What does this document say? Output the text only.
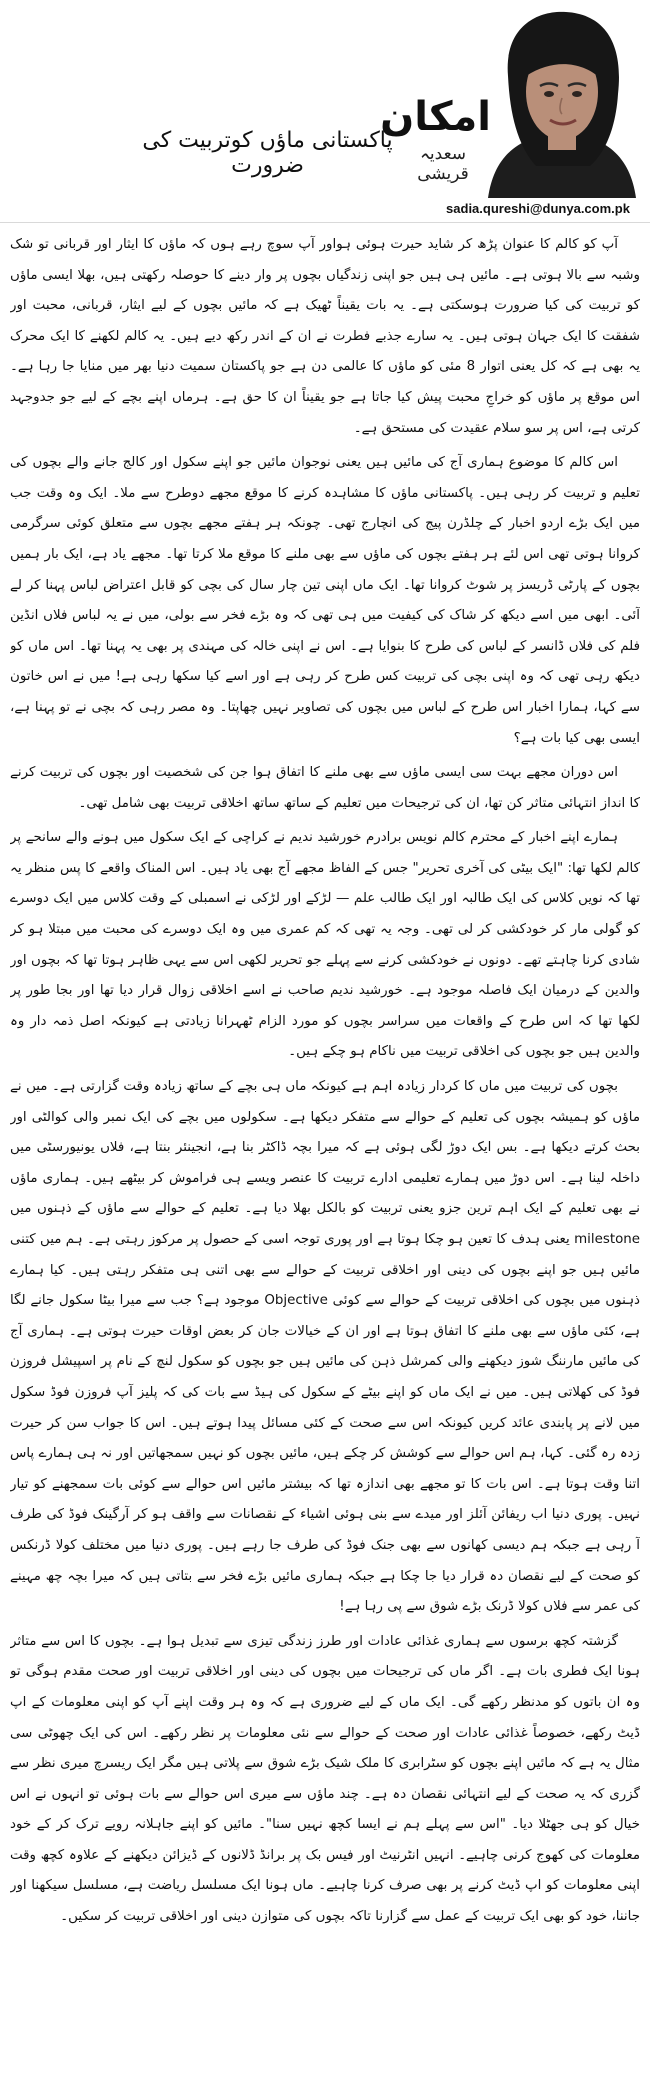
امکان
سعدیہ قریشی
sadia.qureshi@dunya.com.pk
پاکستانی ماؤں کوتربیت کی ضرورت

آپ کو کالم کا عنوان پڑھ کر شاید حیرت ہوئی ہواور آپ سوچ رہے ہوں کہ ماؤں کا ایثار اور قربانی تو شک وشبہ سے بالا ہوتی ہے۔ مائیں ہی ہیں جو اپنی زندگیاں بچوں پر وار دینے کا حوصلہ رکھتی ہیں، بھلا ایسی ماؤں کو تربیت کی کیا ضرورت ہوسکتی ہے۔ یہ بات یقیناً ٹھیک ہے کہ مائیں بچوں کے لیے ایثار، قربانی، محبت اور شفقت کا ایک جہان ہوتی ہیں۔ یہ سارے جذبے فطرت نے ان کے اندر رکھ دیے ہیں۔ یہ کالم لکھنے کا ایک محرک یہ بھی ہے کہ کل یعنی اتوار 8 مئی کو ماؤں کا عالمی دن ہے جو پاکستان سمیت دنیا بھر میں منایا جا رہا ہے۔ اس موقع پر ماؤں کو خراجِ محبت پیش کیا جاتا ہے جو یقیناً ان کا حق ہے۔ ہرماں اپنے بچے کے لیے جو جدوجہد کرتی ہے، اس پر سو سلام عقیدت کی مستحق ہے۔

اس کالم کا موضوع ہماری آج کی مائیں ہیں یعنی نوجوان مائیں جو اپنے سکول اور کالج جانے والے بچوں کی تعلیم و تربیت کر رہی ہیں۔ پاکستانی ماؤں کا مشاہدہ کرنے کا موقع مجھے دوطرح سے ملا۔ ایک وہ وقت جب میں ایک بڑے اردو اخبار کے چلڈرن پیج کی انچارج تھی۔ چونکہ ہر ہفتے مجھے بچوں سے متعلق کوئی سرگرمی کروانا ہوتی تھی اس لئے ہر ہفتے بچوں کی ماؤں سے بھی ملنے کا موقع ملا کرتا تھا۔ مجھے یاد ہے، ایک بار ہمیں بچوں کے پارٹی ڈریسز پر شوٹ کروانا تھا۔ ایک ماں اپنی تین چار سال کی بچی کو قابل اعتراض لباس پہنا کر لے آئی۔ ابھی میں اسے دیکھ کر شاک کی کیفیت میں ہی تھی کہ وہ بڑے فخر سے بولی، میں نے یہ لباس فلاں انڈین فلم کی فلاں ڈانسر کے لباس کی طرح کا بنوایا ہے۔ اس نے اپنی خالہ کی مہندی پر بھی یہ پہنا تھا۔ اس ماں کو دیکھ رہی تھی کہ وہ اپنی بچی کی تربیت کس طرح کر رہی ہے اور اسے کیا سکھا رہی ہے! میں نے اس خاتون سے کہا، ہمارا اخبار اس طرح کے لباس میں بچوں کی تصاویر نہیں چھاپتا۔ وہ مصر رہی کہ بچی نے تو پہنا ہے، ایسی بھی کیا بات ہے؟

اس دوران مجھے بہت سی ایسی ماؤں سے بھی ملنے کا اتفاق ہوا جن کی شخصیت اور بچوں کی تربیت کرنے کا انداز انتہائی متاثر کن تھا، ان کی ترجیحات میں تعلیم کے ساتھ ساتھ اخلاقی تربیت بھی شامل تھی۔

ہمارے اپنے اخبار کے محترم کالم نویس برادرم خورشید ندیم نے کراچی کے ایک سکول میں ہونے والے سانحے پر کالم لکھا تھا: "ایک بیٹی کی آخری تحریر" جس کے الفاظ مجھے آج بھی یاد ہیں۔ اس المناک واقعے کا پس منظر یہ تھا کہ نویں کلاس کی ایک طالبہ اور ایک طالب علم — لڑکے اور لڑکی نے اسمبلی کے وقت کلاس میں ایک دوسرے کو گولی مار کر خودکشی کر لی تھی۔ وجہ یہ تھی کہ کم عمری میں وہ ایک دوسرے کی محبت میں مبتلا ہو کر شادی کرنا چاہتے تھے۔ دونوں نے خودکشی کرنے سے پہلے جو تحریر لکھی اس سے یہی ظاہر ہوتا تھا کہ بچوں اور والدین کے درمیان ایک فاصلہ موجود ہے۔ خورشید ندیم صاحب نے اسے اخلاقی زوال قرار دیا تھا اور بجا طور پر لکھا تھا کہ اس طرح کے واقعات میں سراسر بچوں کو مورد الزام ٹھہرانا زیادتی ہے کیونکہ اصل ذمہ دار وہ والدین ہیں جو بچوں کی اخلاقی تربیت میں ناکام ہو چکے ہیں۔

بچوں کی تربیت میں ماں کا کردار زیادہ اہم ہے کیونکہ ماں ہی بچے کے ساتھ زیادہ وقت گزارتی ہے۔ میں نے ماؤں کو ہمیشہ بچوں کی تعلیم کے حوالے سے متفکر دیکھا ہے۔ سکولوں میں بچے کی ایک نمبر والی کوالٹی اور بحث کرتے دیکھا ہے۔ بس ایک دوڑ لگی ہوئی ہے کہ میرا بچہ ڈاکٹر بنا ہے، انجینئر بنتا ہے، فلاں یونیورسٹی میں داخلہ لینا ہے۔ اس دوڑ میں ہمارے تعلیمی ادارے تربیت کا عنصر ویسے ہی فراموش کر بیٹھے ہیں۔ ہماری ماؤں نے بھی تعلیم کے ایک اہم ترین جزو یعنی تربیت کو بالکل بھلا دیا ہے۔ تعلیم کے حوالے سے ماؤں کے ذہنوں میں milestone یعنی ہدف کا تعین ہو چکا ہوتا ہے اور پوری توجہ اسی کے حصول پر مرکوز رہتی ہے۔ ہم میں کتنی مائیں ہیں جو اپنے بچوں کی دینی اور اخلاقی تربیت کے حوالے سے بھی اتنی ہی متفکر رہتی ہیں۔ کیا ہمارے ذہنوں میں بچوں کی اخلاقی تربیت کے حوالے سے کوئی Objective موجود ہے؟ جب سے میرا بیٹا سکول جانے لگا ہے، کئی ماؤں سے بھی ملنے کا اتفاق ہوتا ہے اور ان کے خیالات جان کر بعض اوقات حیرت ہوتی ہے۔ ہماری آج کی مائیں مارننگ شوز دیکھنے والی کمرشل ذہن کی مائیں ہیں جو بچوں کو سکول لنچ کے نام پر اسپیشل فروزن فوڈ کی کھلاتی ہیں۔ میں نے ایک ماں کو اپنے بیٹے کے سکول کی ہیڈ سے بات کی کہ پلیز آپ فروزن فوڈ سکول میں لانے پر پابندی عائد کریں کیونکہ اس سے صحت کے کئی مسائل پیدا ہوتے ہیں۔ اس کا جواب سن کر حیرت زدہ رہ گئی۔ کہا، ہم اس حوالے سے کوشش کر چکے ہیں، مائیں بچوں کو نہیں سمجھاتیں اور نہ ہی ہمارے پاس اتنا وقت ہوتا ہے۔ اس بات کا تو مجھے بھی اندازہ تھا کہ بیشتر مائیں اس حوالے سے کوئی بات سمجھنے کو تیار نہیں۔ پوری دنیا اب ریفائن آئلز اور میدے سے بنی ہوئی اشیاء کے نقصانات سے واقف ہو کر آرگینک فوڈ کی طرف آ رہی ہے جبکہ ہم دیسی کھانوں سے بھی جنک فوڈ کی طرف جا رہے ہیں۔ پوری دنیا میں مختلف کولا ڈرنکس کو صحت کے لیے نقصان دہ قرار دیا جا چکا ہے جبکہ ہماری مائیں بڑے فخر سے بتاتی ہیں کہ میرا بچہ چھ مہینے کی عمر سے فلاں کولا ڈرنک بڑے شوق سے پی رہا ہے!

گزشتہ کچھ برسوں سے ہماری غذائی عادات اور طرز زندگی تیزی سے تبدیل ہوا ہے۔ بچوں کا اس سے متاثر ہونا ایک فطری بات ہے۔ اگر ماں کی ترجیحات میں بچوں کی دینی اور اخلاقی تربیت اور صحت مقدم ہوگی تو وہ ان باتوں کو مدنظر رکھے گی۔ ایک ماں کے لیے ضروری ہے کہ وہ ہر وقت اپنے آپ کو اپنی معلومات کے اپ ڈیٹ رکھے، خصوصاً غذائی عادات اور صحت کے حوالے سے نئی معلومات پر نظر رکھے۔ اس کی ایک چھوٹی سی مثال یہ ہے کہ مائیں اپنے بچوں کو سٹرابری کا ملک شیک بڑے شوق سے پلاتی ہیں مگر ایک ریسرچ میری نظر سے گزری کہ یہ صحت کے لیے انتہائی نقصان دہ ہے۔ چند ماؤں سے میری اس حوالے سے بات ہوئی تو انہوں نے اس خیال کو ہی جھٹلا دیا۔ "اس سے پہلے ہم نے ایسا کچھ نہیں سنا"۔ مائیں کو اپنے جاہلانہ رویے ترک کر کے خود معلومات کی کھوج کرنی چاہیے۔ انہیں انٹرنیٹ اور فیس بک پر برانڈ ڈلانوں کے ڈیزائن دیکھنے کے علاوہ کچھ وقت اپنی معلومات کو اپ ڈیٹ کرنے پر بھی صرف کرنا چاہیے۔ ماں ہونا ایک مسلسل ریاضت ہے، مسلسل سیکھنا اور جاننا، خود کو بھی ایک تربیت کے عمل سے گزارنا تاکہ بچوں کی متوازن دینی اور اخلاقی تربیت کر سکیں۔
